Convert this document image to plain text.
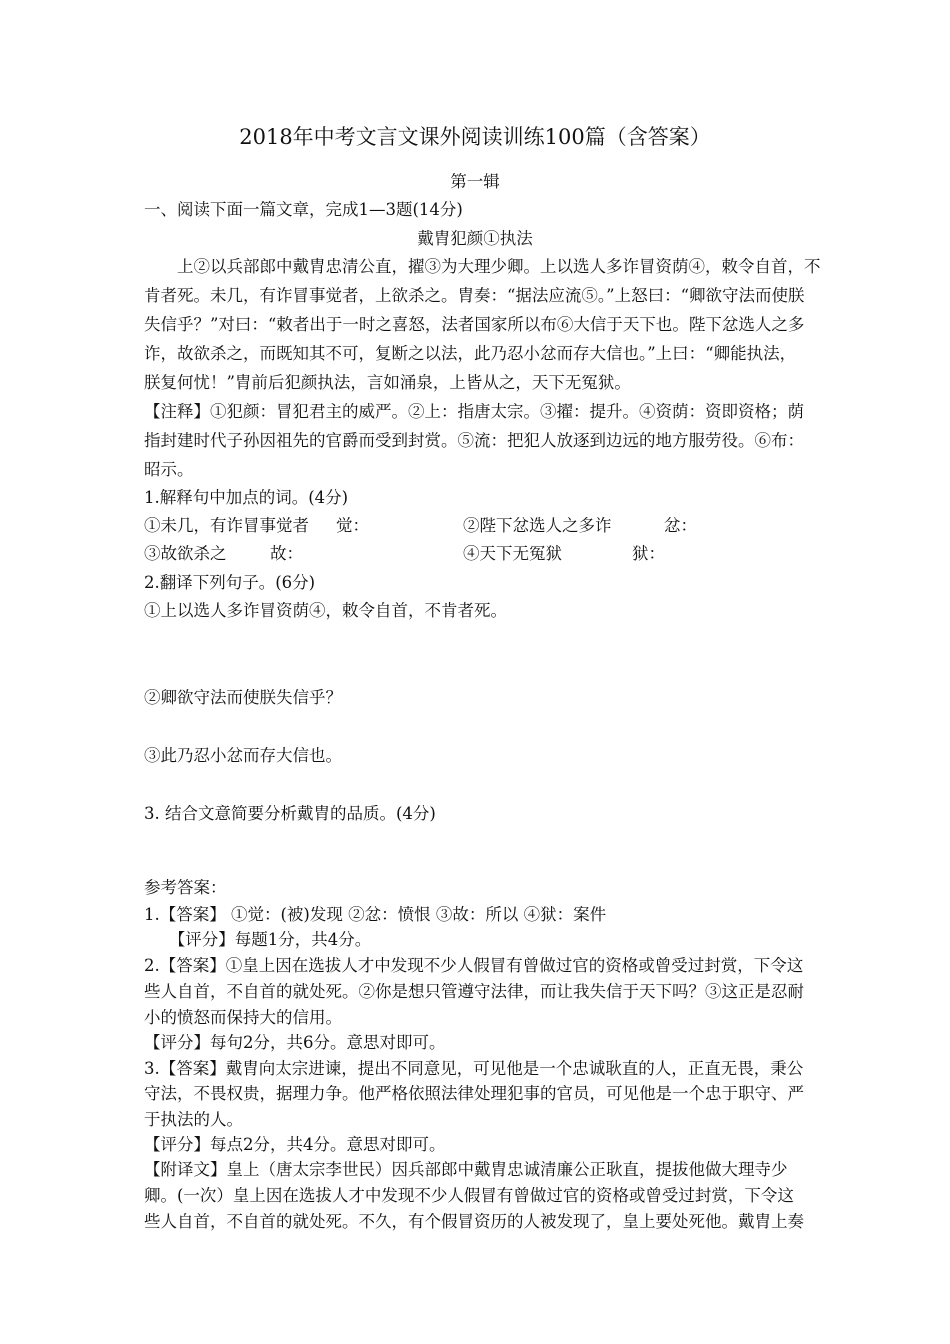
2018年中考文言文课外阅读训练100篇（含答案）
第一辑
一、阅读下面一篇文章，完成1—3题(14分)
戴胄犯颜①执法
　　上②以兵部郎中戴胄忠清公直，擢③为大理少卿。上以选人多诈冒资荫④，敕令自首，不
肯者死。未几，有诈冒事觉者，上欲杀之。胄奏：“据法应流⑤。”上怒曰：“卿欲守法而使朕
失信乎？”对曰：“敕者出于一时之喜怒，法者国家所以布⑥大信于天下也。陛下忿选人之多
诈，故欲杀之，而既知其不可，复断之以法，此乃忍小忿而存大信也。”上曰：“卿能执法，
朕复何忧！”胄前后犯颜执法，言如涌泉，上皆从之，天下无冤狱。
【注释】①犯颜：冒犯君主的威严。②上：指唐太宗。③擢：提升。④资荫：资即资格；荫
指封建时代子孙因祖先的官爵而受到封赏。⑤流：把犯人放逐到边远的地方服劳役。⑥布：
昭示。
1.解释句中加点的词。(4分)
①未几，有诈冒事觉者 觉：	②陛下忿选人之多诈	忿：
③故欲杀之	故：	④天下无冤狱	狱：
2.翻译下列句子。(6分)
①上以选人多诈冒资荫④，敕令自首，不肯者死。
②卿欲守法而使朕失信乎？
③此乃忍小忿而存大信也。
3. 结合文意简要分析戴胄的品质。(4分)
参考答案：
1.【答案】 ①觉：(被)发现 ②忿：愤恨 ③故：所以 ④狱：案件
　　【评分】每题1分，共4分。
2.【答案】①皇上因在选拔人才中发现不少人假冒有曾做过官的资格或曾受过封赏，下令这
些人自首，不自首的就处死。②你是想只管遵守法律，而让我失信于天下吗？③这正是忍耐
小的愤怒而保持大的信用。
【评分】每句2分，共6分。意思对即可。
3.【答案】戴胄向太宗进谏，提出不同意见，可见他是一个忠诚耿直的人，正直无畏，秉公
守法，不畏权贵，据理力争。他严格依照法律处理犯事的官员，可见他是一个忠于职守、严
于执法的人。
【评分】每点2分，共4分。意思对即可。
【附译文】皇上（唐太宗李世民）因兵部郎中戴胄忠诚清廉公正耿直，提拔他做大理寺少
卿。(一次）皇上因在选拔人才中发现不少人假冒有曾做过官的资格或曾受过封赏，下令这
些人自首，不自首的就处死。不久，有个假冒资历的人被发现了，皇上要处死他。戴胄上奏
